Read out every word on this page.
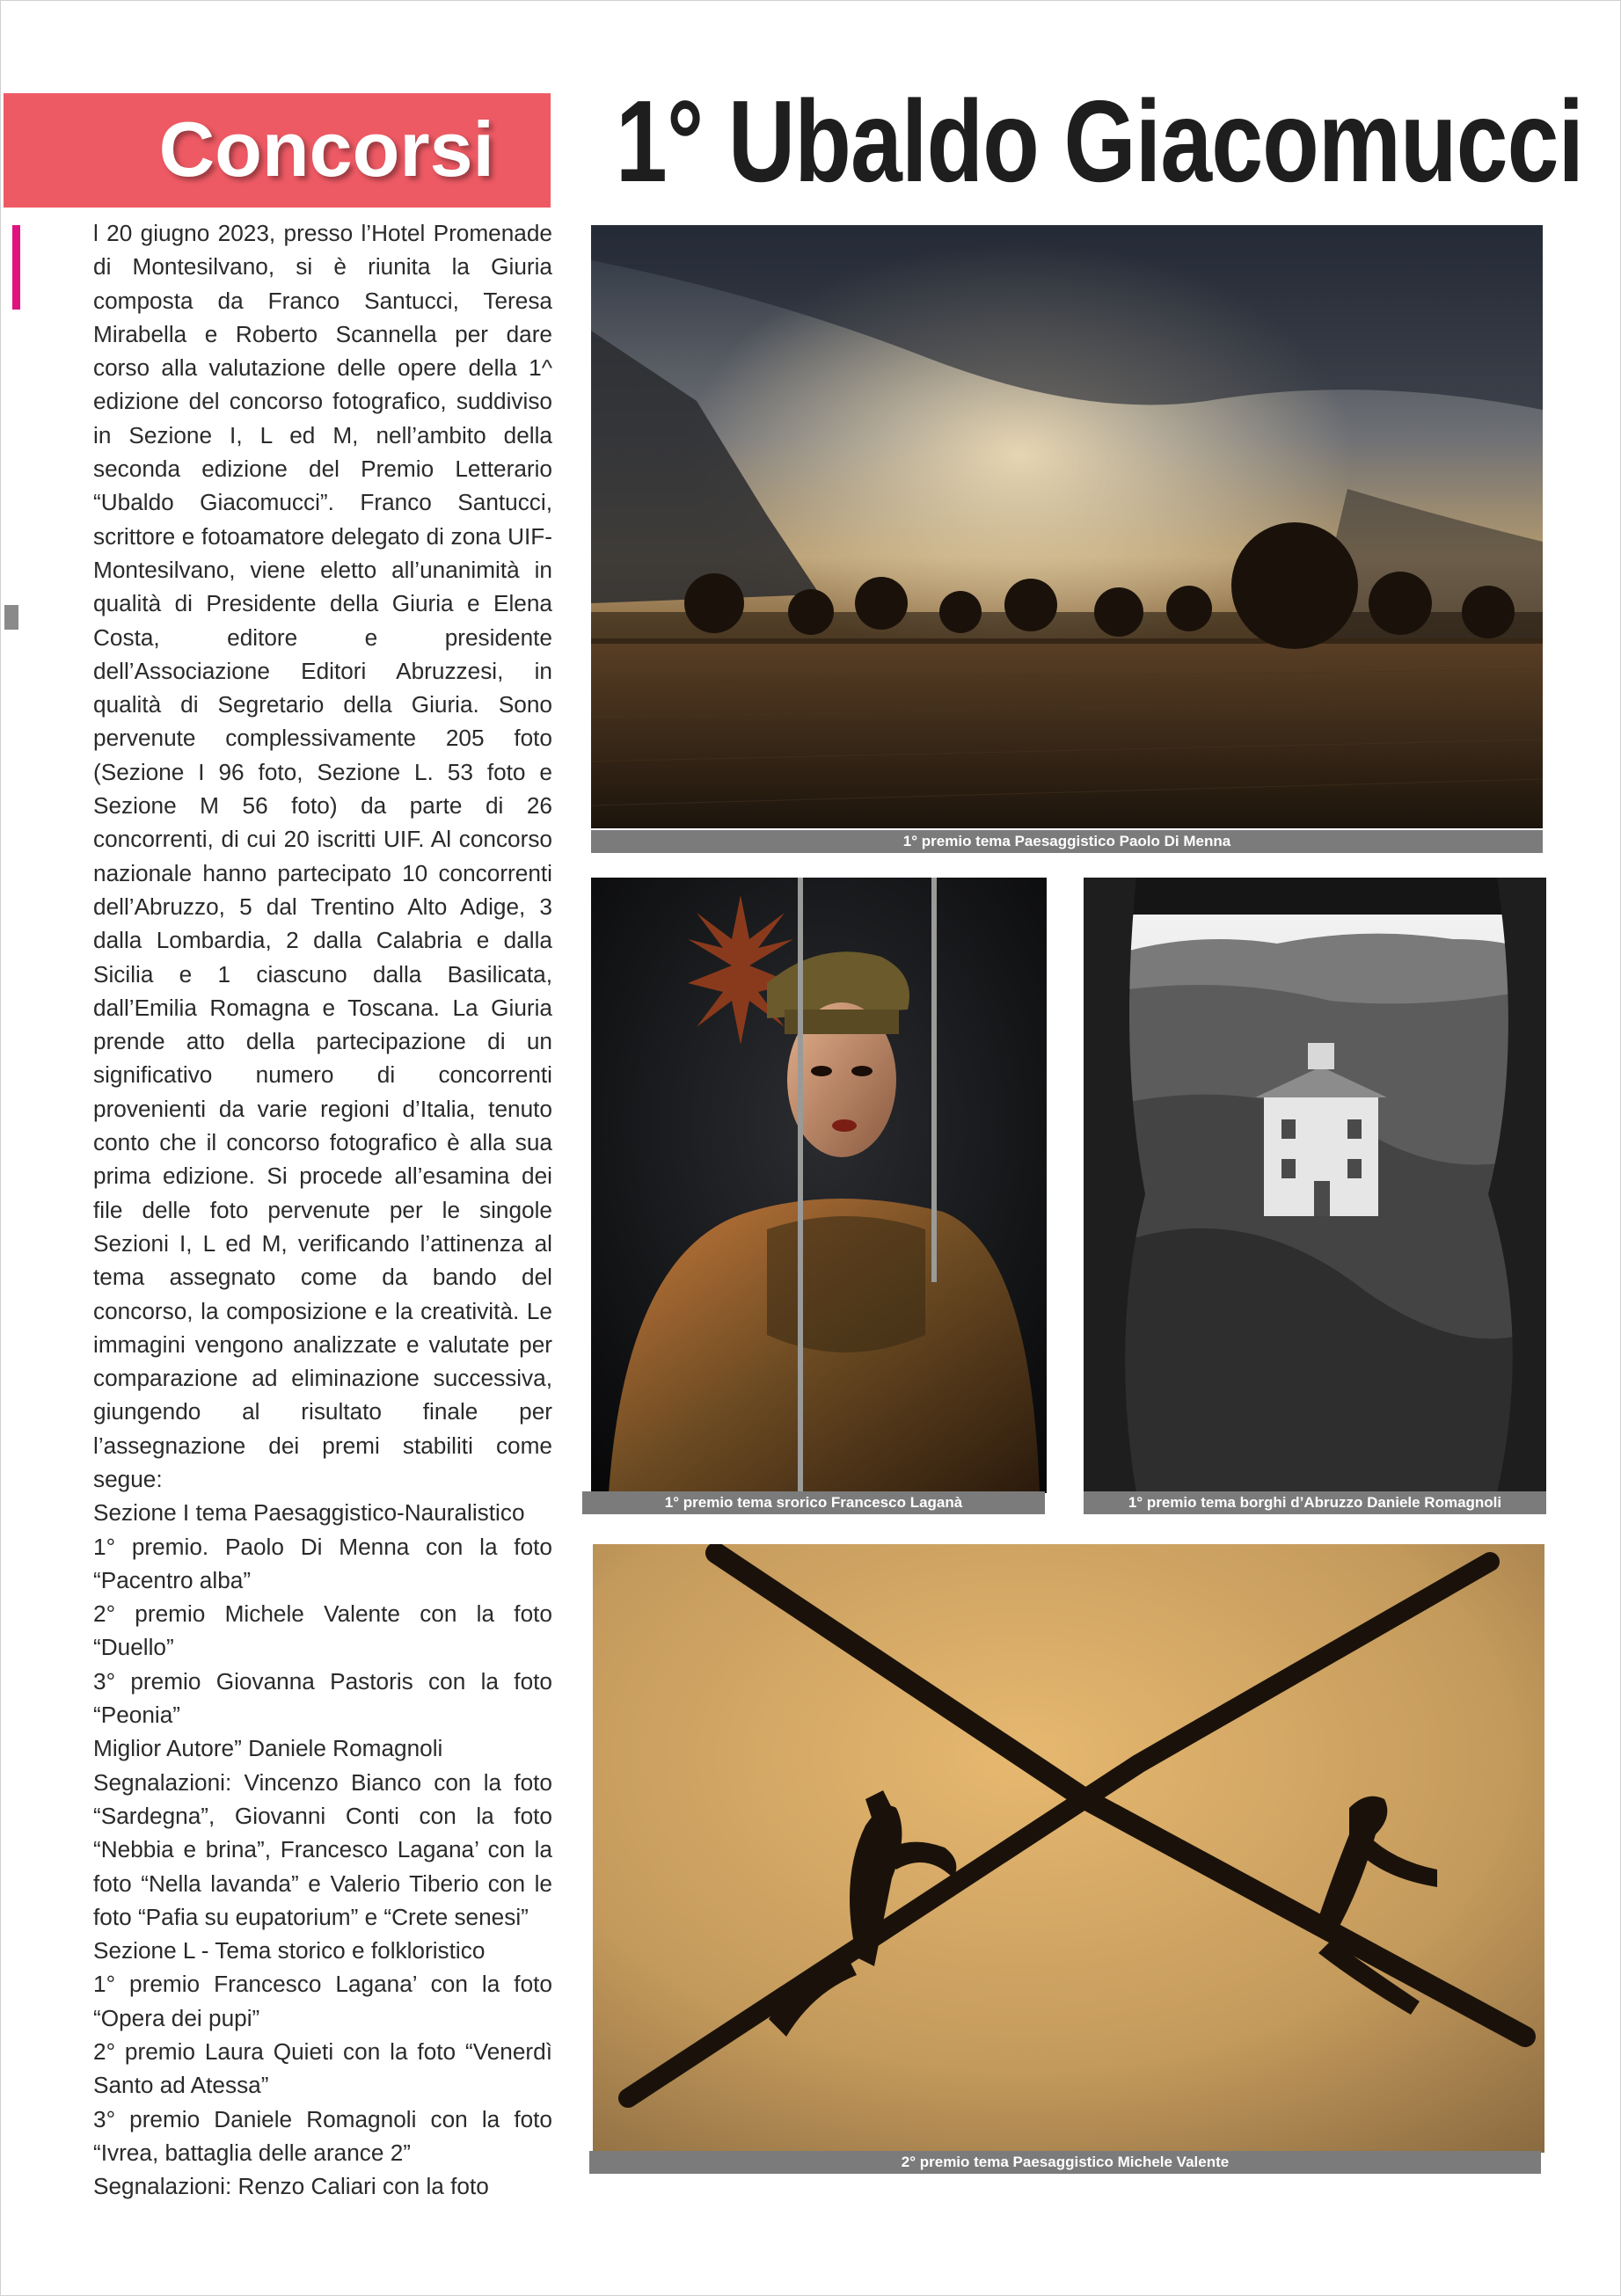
Concorsi 1° Ubaldo Giacomucci

l 20 giugno 2023, presso l’Hotel Promenade di Montesilvano, si è riunita la Giuria composta da Franco Santucci, Teresa Mirabella e Roberto Scannella per dare corso alla valutazione delle opere della 1^ edizione del concorso fotografico, suddiviso in Sezione I, L ed M, nell’ambito della seconda edizione del Premio Letterario “Ubaldo Giacomucci”. Franco Santucci, scrittore e fotoamatore delegato di zona UIF-Montesilvano, viene eletto all’unanimità in qualità di Presidente della Giuria e Elena Costa, editore e presidente dell’Associazione Editori Abruzzesi, in qualità di Segretario della Giuria. Sono pervenute complessivamente 205 foto (Sezione I 96 foto, Sezione L. 53 foto e Sezione M 56 foto) da parte di 26 concorrenti, di cui 20 iscritti UIF. Al concorso nazionale hanno partecipato 10 concorrenti dell’Abruzzo, 5 dal Trentino Alto Adige, 3 dalla Lombardia, 2 dalla Calabria e dalla Sicilia e 1 ciascuno dalla Basilicata, dall’Emilia Romagna e Toscana. La Giuria prende atto della partecipazione di un significativo numero di concorrenti provenienti da varie regioni d’Italia, tenuto conto che il concorso fotografico è alla sua prima edizione. Si procede all’esamina dei file delle foto pervenute per le singole Sezioni I, L ed M, verificando l’attinenza al tema assegnato come da bando del concorso, la composizione e la creatività. Le immagini vengono analizzate e valutate per comparazione ad eliminazione successiva, giungendo al risultato finale per l’assegnazione dei premi stabiliti come segue:

Sezione I tema Paesaggistico-Nauralistico

1° premio. Paolo Di Menna con la foto “Pacentro alba”

2° premio Michele Valente con la foto “Duello”

3° premio Giovanna Pastoris con la foto “Peonia”

Miglior Autore” Daniele Romagnoli

Segnalazioni: Vincenzo Bianco con la foto “Sardegna”, Giovanni Conti con la foto “Nebbia e brina”, Francesco Lagana’ con la foto “Nella lavanda” e Valerio Tiberio con le foto “Pafia su eupatorium” e “Crete senesi”

Sezione L - Tema storico e folkloristico

1° premio Francesco Lagana’ con la foto “Opera dei pupi”

2° premio Laura Quieti con la foto “Venerdì Santo ad Atessa”

3° premio Daniele Romagnoli con la foto “Ivrea, battaglia delle arance 2”

Segnalazioni: Renzo Caliari con la foto

1° premio tema Paesaggistico Paolo Di Menna
1° premio tema srorico Francesco Laganà	1° premio tema borghi d’Abruzzo Daniele Romagnoli
2° premio tema Paesaggistico Michele Valente
